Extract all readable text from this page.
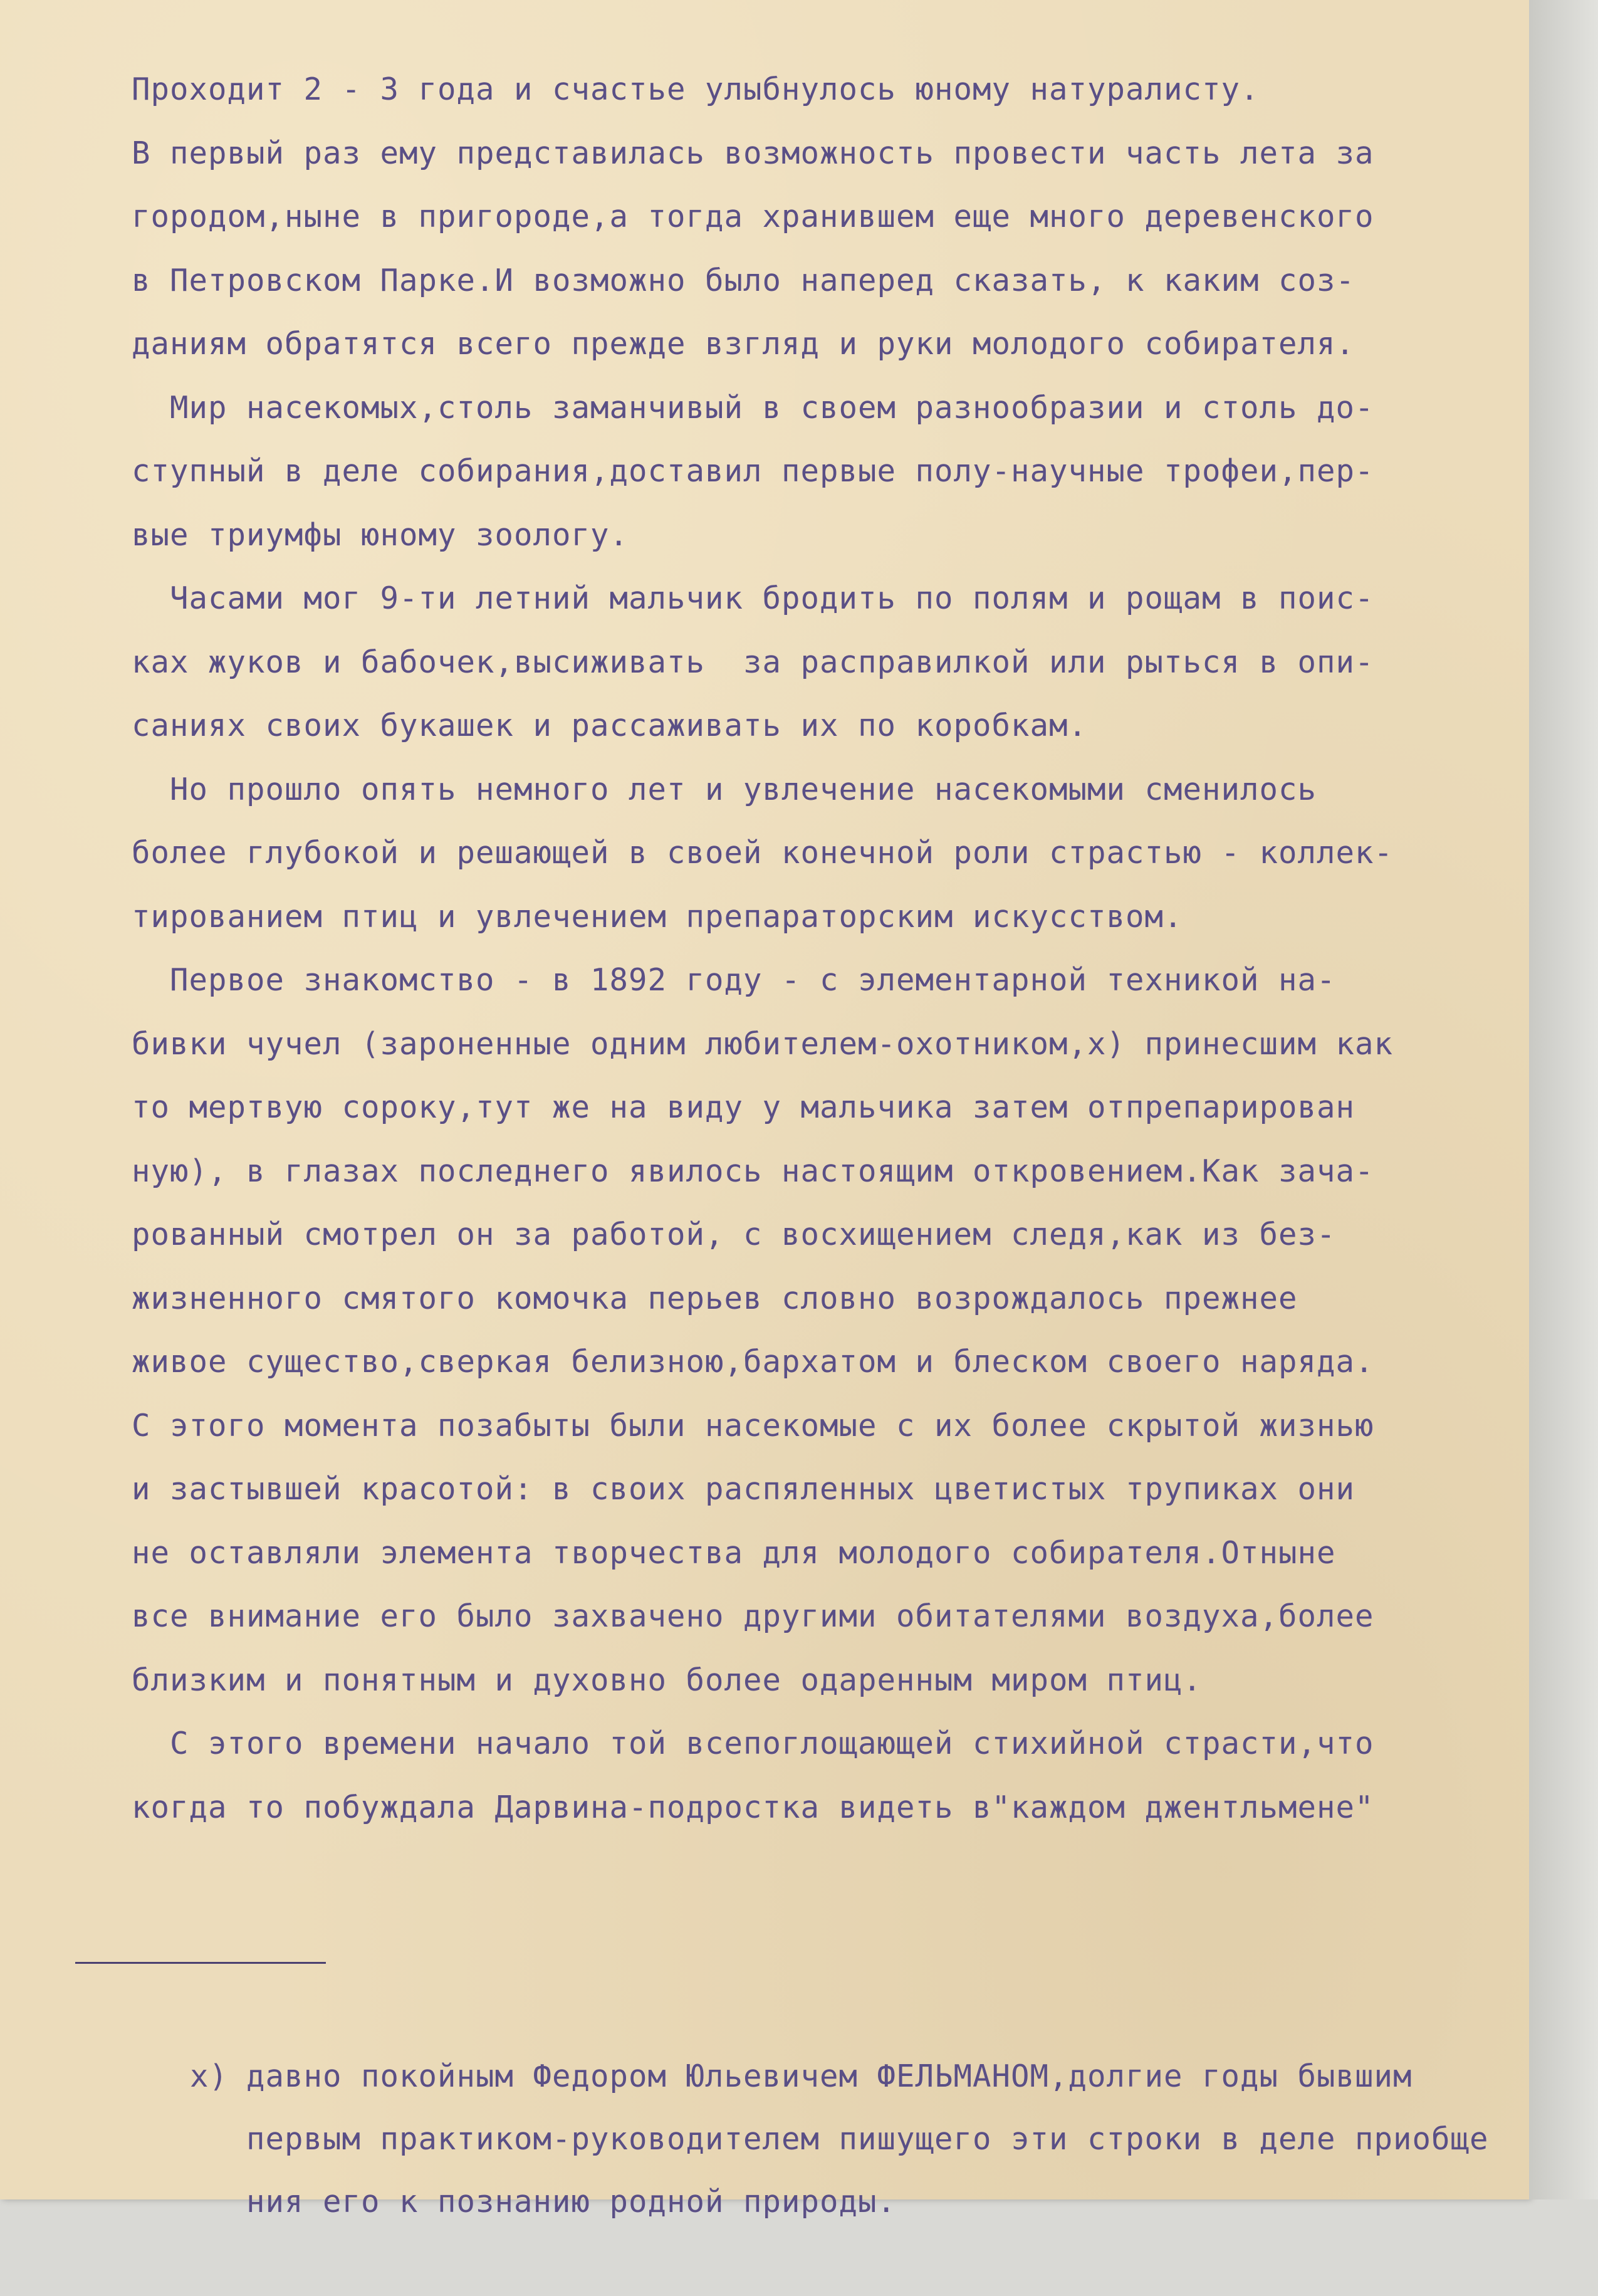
Проходит 2 - 3 года и счастье улыбнулось юному натуралисту.
В первый раз ему представилась возможность провести часть лета за
городом,ныне в пригороде,а тогда хранившем еще много деревенского
в Петровском Парке.И возможно было наперед сказать, к каким соз-
даниям обратятся всего прежде взгляд и руки молодого собирателя.
Мир насекомых,столь заманчивый в своем разнообразии и столь до-
ступный в деле собирания,доставил первые полу-научные трофеи,пер-
вые триумфы юному зоологу.
Часами мог 9-ти летний мальчик бродить по полям и рощам в поис-
ках жуков и бабочек,высиживать  за расправилкой или рыться в опи-
саниях своих букашек и рассаживать их по коробкам.
Но прошло опять немного лет и увлечение насекомыми сменилось
более глубокой и решающей в своей конечной роли страстью - коллек-
тированием птиц и увлечением препараторским искусством.
Первое знакомство - в 1892 году - с элементарной техникой на-
бивки чучел (зароненные одним любителем-охотником,x) принесшим как
то мертвую сороку,тут же на виду у мальчика затем отпрепарирован
ную), в глазах последнего явилось настоящим откровением.Как зача-
рованный смотрел он за работой, с восхищением следя,как из без-
жизненного смятого комочка перьев словно возрождалось прежнее
живое существо,сверкая белизною,бархатом и блеском своего наряда.
С этого момента позабыты были насекомые с их более скрытой жизнью
и застывшей красотой: в своих распяленных цветистых трупиках они
не оставляли элемента творчества для молодого собирателя.Отныне
все внимание его было захвачено другими обитателями воздуха,более
близким и понятным и духовно более одаренным миром птиц.
С этого времени начало той всепоглощающей стихийной страсти,что
когда то побуждала Дарвина-подростка видеть в"каждом джентльмене"

x) давно покойным Федором Юльевичем ФЕЛЬМАНОМ,долгие годы бывшим

первым практиком-руководителем пишущего эти строки в деле приобще

ния его к познанию родной природы.
